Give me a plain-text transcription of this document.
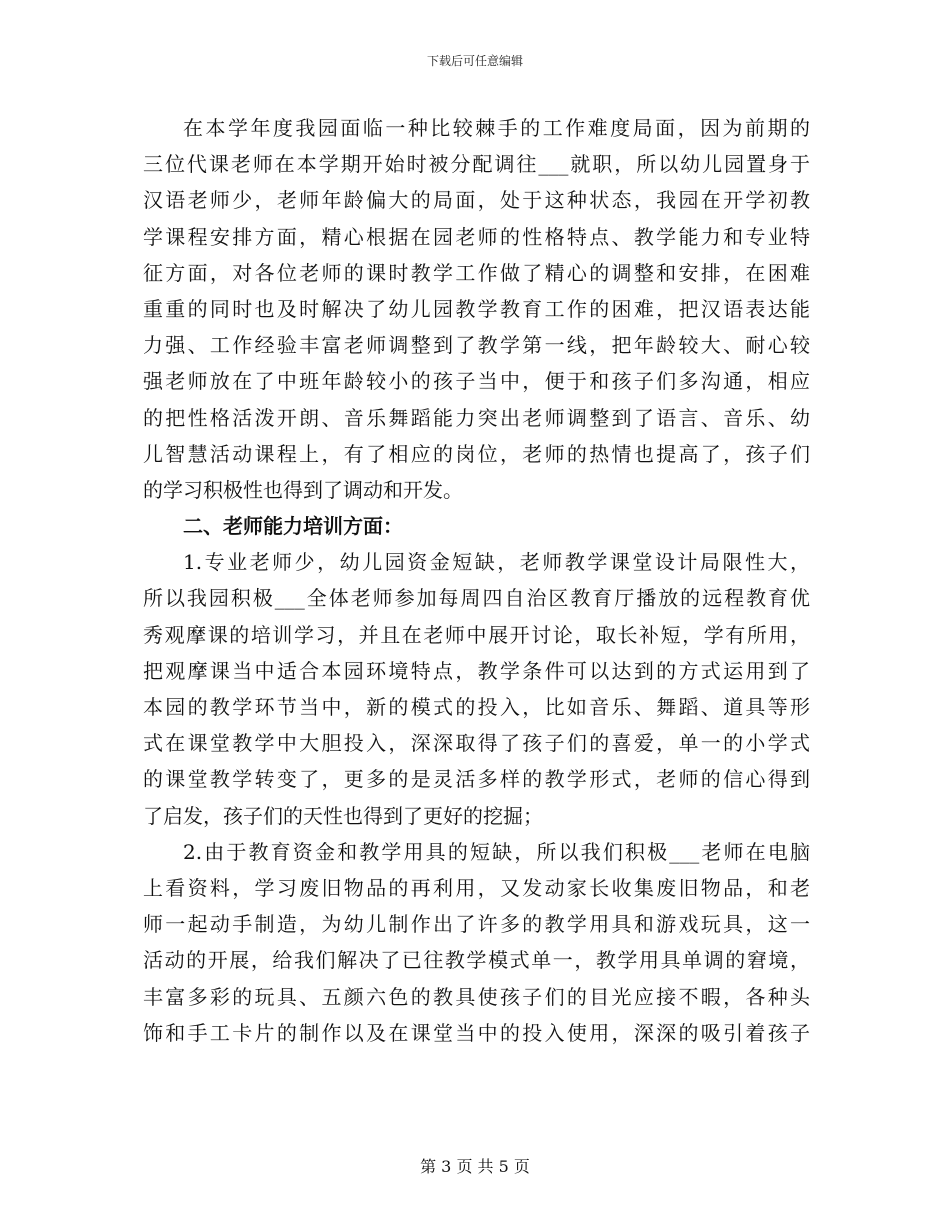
下载后可任意编辑
在本学年度我园面临一种比较棘手的工作难度局面，因为前期的
三位代课老师在本学期开始时被分配调往___就职，所以幼儿园置身于
汉语老师少，老师年龄偏大的局面，处于这种状态，我园在开学初教
学课程安排方面，精心根据在园老师的性格特点、教学能力和专业特
征方面，对各位老师的课时教学工作做了精心的调整和安排，在困难
重重的同时也及时解决了幼儿园教学教育工作的困难，把汉语表达能
力强、工作经验丰富老师调整到了教学第一线，把年龄较大、耐心较
强老师放在了中班年龄较小的孩子当中，便于和孩子们多沟通，相应
的把性格活泼开朗、音乐舞蹈能力突出老师调整到了语言、音乐、幼
儿智慧活动课程上，有了相应的岗位，老师的热情也提高了，孩子们
的学习积极性也得到了调动和开发。
二、老师能力培训方面：
1.专业老师少，幼儿园资金短缺，老师教学课堂设计局限性大，
所以我园积极___全体老师参加每周四自治区教育厅播放的远程教育优
秀观摩课的培训学习，并且在老师中展开讨论，取长补短，学有所用，
把观摩课当中适合本园环境特点，教学条件可以达到的方式运用到了
本园的教学环节当中，新的模式的投入，比如音乐、舞蹈、道具等形
式在课堂教学中大胆投入，深深取得了孩子们的喜爱，单一的小学式
的课堂教学转变了，更多的是灵活多样的教学形式，老师的信心得到
了启发，孩子们的天性也得到了更好的挖掘；
2.由于教育资金和教学用具的短缺，所以我们积极___老师在电脑
上看资料，学习废旧物品的再利用，又发动家长收集废旧物品，和老
师一起动手制造，为幼儿制作出了许多的教学用具和游戏玩具，这一
活动的开展，给我们解决了已往教学模式单一，教学用具单调的窘境，
丰富多彩的玩具、五颜六色的教具使孩子们的目光应接不暇，各种头
饰和手工卡片的制作以及在课堂当中的投入使用，深深的吸引着孩子
第 3 页 共 5 页
